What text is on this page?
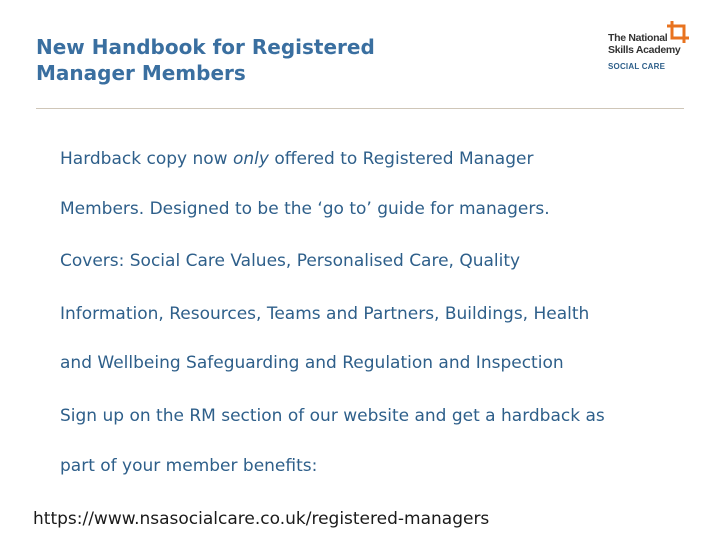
New Handbook for Registered
Manager Members
The National
Skills Academy
SOCIAL CARE
Hardback copy now only offered to Registered Manager
Members. Designed to be the ‘go to’ guide for managers.
Covers: Social Care Values, Personalised Care, Quality
Information, Resources, Teams and Partners, Buildings, Health
and Wellbeing Safeguarding and Regulation and Inspection
Sign up on the RM section of our website and get a hardback as
part of your member benefits:
https://www.nsasocialcare.co.uk/registered-managers
